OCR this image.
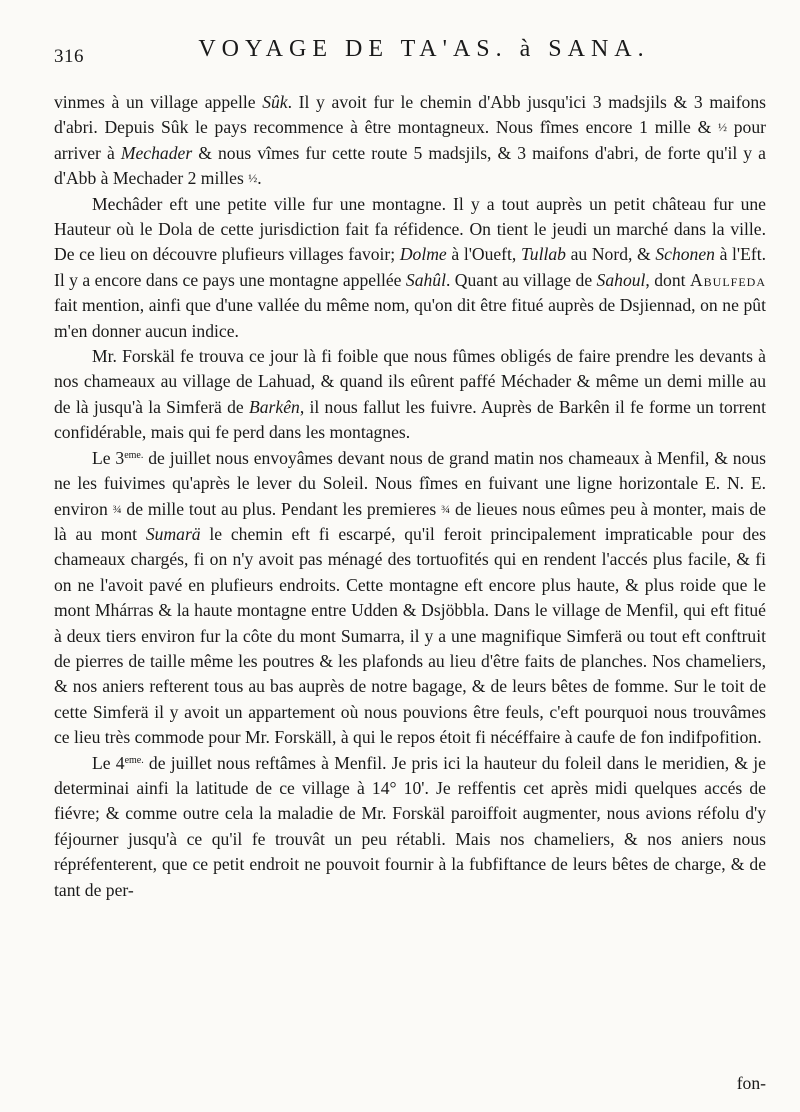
316	VOYAGE DE TA'AS. à SANA.

vinmes à un village appelle Sûk. Il y avoit fur le chemin d'Abb jusqu'ici 3 madsjils & 3 maifons d'abri. Depuis Sûk le pays recommence à être montagneux. Nous fîmes encore 1 mille & ½ pour arriver à Mechader & nous vîmes fur cette route 5 madsjils, & 3 maifons d'abri, de forte qu'il y a d'Abb à Mechader 2 milles ½.

Mechâder eft une petite ville fur une montagne. Il y a tout auprès un petit château fur une Hauteur où le Dola de cette jurisdiction fait fa réfidence. On tient le jeudi un marché dans la ville. De ce lieu on découvre plufieurs villages favoir; Dolme à l'Oueft, Tullab au Nord, & Schonen à l'Eft. Il y a encore dans ce pays une montagne appellée Sahûl. Quant au village de Sahoul, dont Abulfeda fait mention, ainfi que d'une vallée du même nom, qu'on dit être fitué auprès de Dsjiennad, on ne pût m'en donner aucun indice.

Mr. Forskäl fe trouva ce jour là fi foible que nous fûmes obligés de faire prendre les devants à nos chameaux au village de Lahuad, & quand ils eûrent paffé Méchader & même un demi mille au de là jusqu'à la Simferä de Barkên, il nous fallut les fuivre. Auprès de Barkên il fe forme un torrent confidérable, mais qui fe perd dans les montagnes.

Le $3^{eme.}$ de juillet nous envoyâmes devant nous de grand matin nos chameaux à Menfil, & nous ne les fuivimes qu'après le lever du Soleil. Nous fîmes en fuivant une ligne horizontale E. N. E. environ ¾ de mille tout au plus. Pendant les premieres ¾ de lieues nous eûmes peu à monter, mais de là au mont Sumarä le chemin eft fi escarpé, qu'il feroit principalement impraticable pour des chameaux chargés, fi on n'y avoit pas ménagé des tortuofités qui en rendent l'accés plus facile, & fi on ne l'avoit pavé en plufieurs endroits. Cette montagne eft encore plus haute, & plus roide que le mont Mhárras & la haute montagne entre Udden & Dsjöbbla. Dans le village de Menfil, qui eft fitué à deux tiers environ fur la côte du mont Sumarra, il y a une magnifique Simferä ou tout eft conftruit de pierres de taille même les poutres & les plafonds au lieu d'être faits de planches. Nos chameliers, & nos aniers refterent tous au bas auprès de notre bagage, & de leurs bêtes de fomme. Sur le toit de cette Simferä il y avoit un appartement où nous pouvions être feuls, c'eft pourquoi nous trouvâmes ce lieu très commode pour Mr. Forskäll, à qui le repos étoit fi nécéffaire à caufe de fon indifpofition.

Le $4^{eme.}$ de juillet nous reftâmes à Menfil. Je pris ici la hauteur du foleil dans le meridien, & je determinai ainfi la latitude de ce village à 14° 10'. Je reffentis cet après midi quelques accés de fiévre; & comme outre cela la maladie de Mr. Forskäl paroiffoit augmenter, nous avions réfolu d'y féjourner jusqu'à ce qu'il fe trouvât un peu rétabli. Mais nos chameliers, & nos aniers nous répréfenterent, que ce petit endroit ne pouvoit fournir à la fubfiftance de leurs bêtes de charge, & de tant de per-

fon-
